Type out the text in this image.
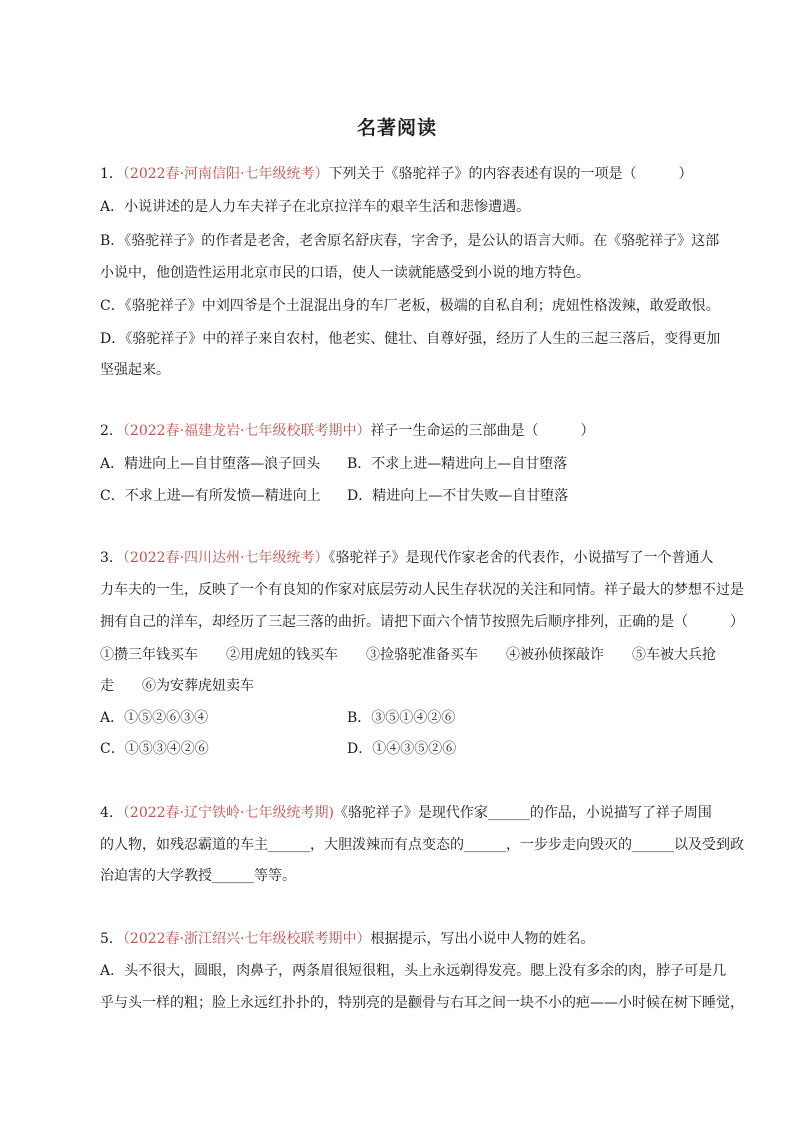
名著阅读
1．（2022春·河南信阳·七年级统考）下列关于《骆驼祥子》的内容表述有误的一项是（　　　）
A．小说讲述的是人力车夫祥子在北京拉洋车的艰辛生活和悲惨遭遇。
B．《骆驼祥子》的作者是老舍，老舍原名舒庆春，字舍予，是公认的语言大师。在《骆驼祥子》这部
小说中，他创造性运用北京市民的口语，使人一读就能感受到小说的地方特色。
C．《骆驼祥子》中刘四爷是个土混混出身的车厂老板，极端的自私自利；虎妞性格泼辣，敢爱敢恨。
D．《骆驼祥子》中的祥子来自农村，他老实、健壮、自尊好强，经历了人生的三起三落后，变得更加
坚强起来。
2．（2022春·福建龙岩·七年级校联考期中）祥子一生命运的三部曲是（　　　）
A．精进向上—自甘堕落—浪子回头 B．不求上进—精进向上—自甘堕落
C．不求上进—有所发愤—精进向上 D．精进向上—不甘失败—自甘堕落
3．（2022春·四川达州·七年级统考）《骆驼祥子》是现代作家老舍的代表作，小说描写了一个普通人
力车夫的一生，反映了一个有良知的作家对底层劳动人民生存状况的关注和同情。祥子最大的梦想不过是
拥有自己的洋车，却经历了三起三落的曲折。请把下面六个情节按照先后顺序排列，正确的是（　　　）
①攒三年钱买车　　②用虎妞的钱买车　　③捡骆驼准备买车　　④被孙侦探敲诈　　⑤车被大兵抢
走　　⑥为安葬虎妞卖车
A．①⑤②⑥③④	B．③⑤①④②⑥
C．①⑤③④②⑥	D．①④③⑤②⑥
4．（2022春·辽宁铁岭·七年级统考期)《骆驼祥子》是现代作家______的作品，小说描写了祥子周围
的人物，如残忍霸道的车主______，大胆泼辣而有点变态的______，一步步走向毁灭的______以及受到政
治迫害的大学教授______等等。
5．（2022春·浙江绍兴·七年级校联考期中）根据提示，写出小说中人物的姓名。
A．头不很大，圆眼，肉鼻子，两条眉很短很粗，头上永远剃得发亮。腮上没有多余的肉，脖子可是几
乎与头一样的粗；脸上永远红扑扑的，特别亮的是颧骨与右耳之间一块不小的疤——小时候在树下睡觉，
